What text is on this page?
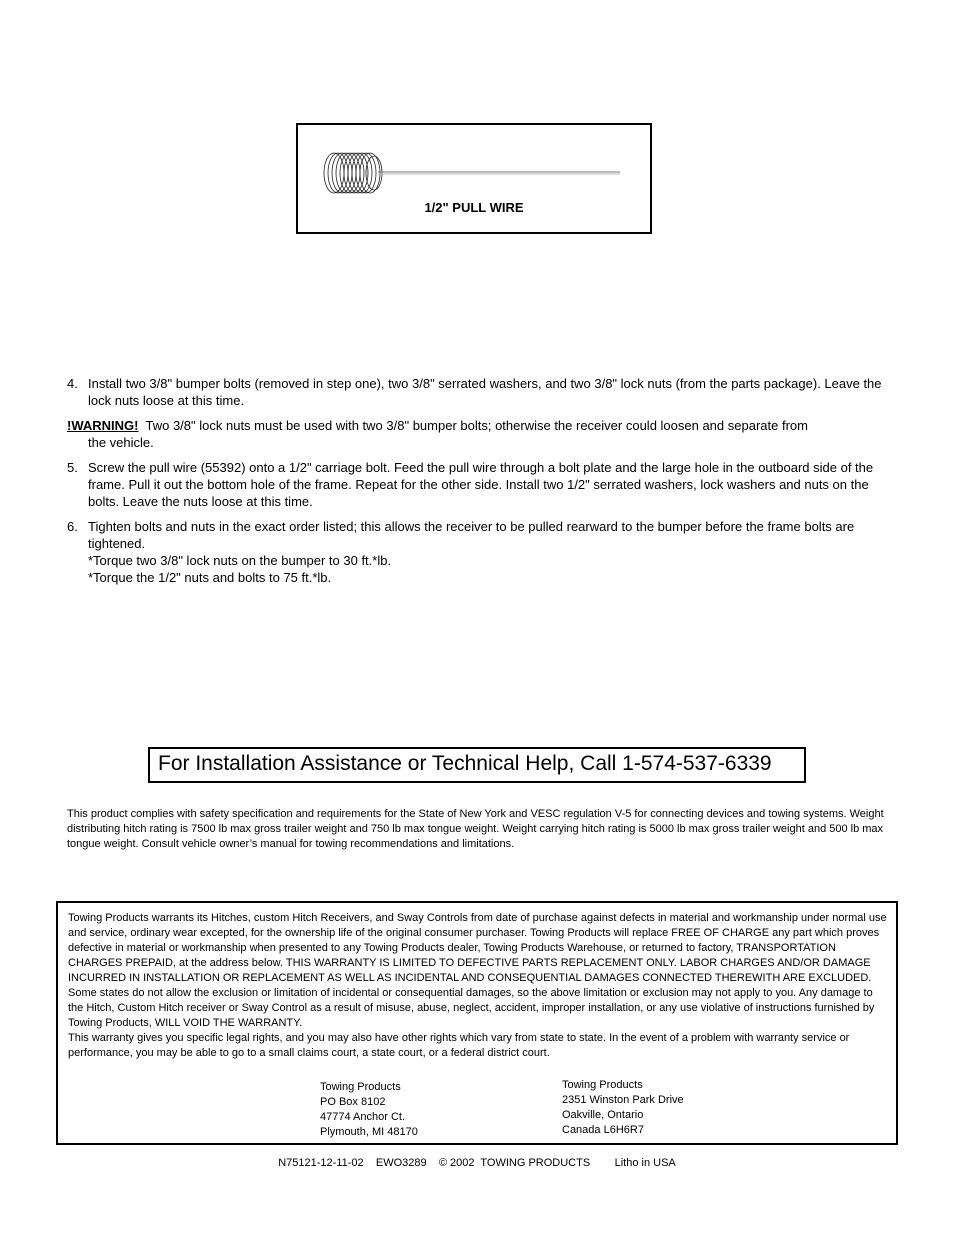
1/2" PULL WIRE
4. Install two 3/8" bumper bolts (removed in step one), two 3/8" serrated washers, and two 3/8" lock nuts (from the parts package). Leave the lock nuts loose at this time.

!WARNING! Two 3/8" lock nuts must be used with two 3/8" bumper bolts; otherwise the receiver could loosen and separate from
the vehicle.
5. Screw the pull wire (55392) onto a 1/2" carriage bolt. Feed the pull wire through a bolt plate and the large hole in the outboard side of the frame. Pull it out the bottom hole of the frame. Repeat for the other side. Install two 1/2" serrated washers, lock washers and nuts on the bolts. Leave the nuts loose at this time.

6. Tighten bolts and nuts in the exact order listed; this allows the receiver to be pulled rearward to the bumper before the frame bolts are tightened.

*Torque two 3/8" lock nuts on the bumper to 30 ft.*lb.

*Torque the 1/2" nuts and bolts to 75 ft.*lb.

For Installation Assistance or Technical Help, Call 1-574-537-6339

This product complies with safety specification and requirements for the State of New York and VESC regulation V-5 for connecting devices and towing systems. Weight distributing hitch rating is 7500 lb max gross trailer weight and 750 lb max tongue weight. Weight carrying hitch rating is 5000 lb max gross trailer weight and 500 lb max tongue weight. Consult vehicle owner’s manual for towing recommendations and limitations.

Towing Products warrants its Hitches, custom Hitch Receivers, and Sway Controls from date of purchase against defects in material and workmanship under normal use and service, ordinary wear excepted, for the ownership life of the original consumer purchaser. Towing Products will replace FREE OF CHARGE any part which proves defective in material or workmanship when presented to any Towing Products dealer, Towing Products Warehouse, or returned to factory, TRANSPORTATION CHARGES PREPAID, at the address below. THIS WARRANTY IS LIMITED TO DEFECTIVE PARTS REPLACEMENT ONLY. LABOR CHARGES AND/OR DAMAGE INCURRED IN INSTALLATION OR REPLACEMENT AS WELL AS INCIDENTAL AND CONSEQUENTIAL DAMAGES CONNECTED THEREWITH ARE EXCLUDED. Some states do not allow the exclusion or limitation of incidental or consequential damages, so the above limitation or exclusion may not apply to you. Any damage to the Hitch, Custom Hitch receiver or Sway Control as a result of misuse, abuse, neglect, accident, improper installation, or any use violative of instructions furnished by Towing Products, WILL VOID THE WARRANTY.
This warranty gives you specific legal rights, and you may also have other rights which vary from state to state. In the event of a problem with warranty service or performance, you may be able to go to a small claims court, a state court, or a federal district court.
Towing Products
PO Box 8102
47774 Anchor Ct.
Plymouth, MI 48170
Towing Products
2351 Winston Park Drive
Oakville, Ontario
Canada L6H6R7
N75121-12-11-02    EWO3289    © 2002  TOWING PRODUCTS        Litho in USA
